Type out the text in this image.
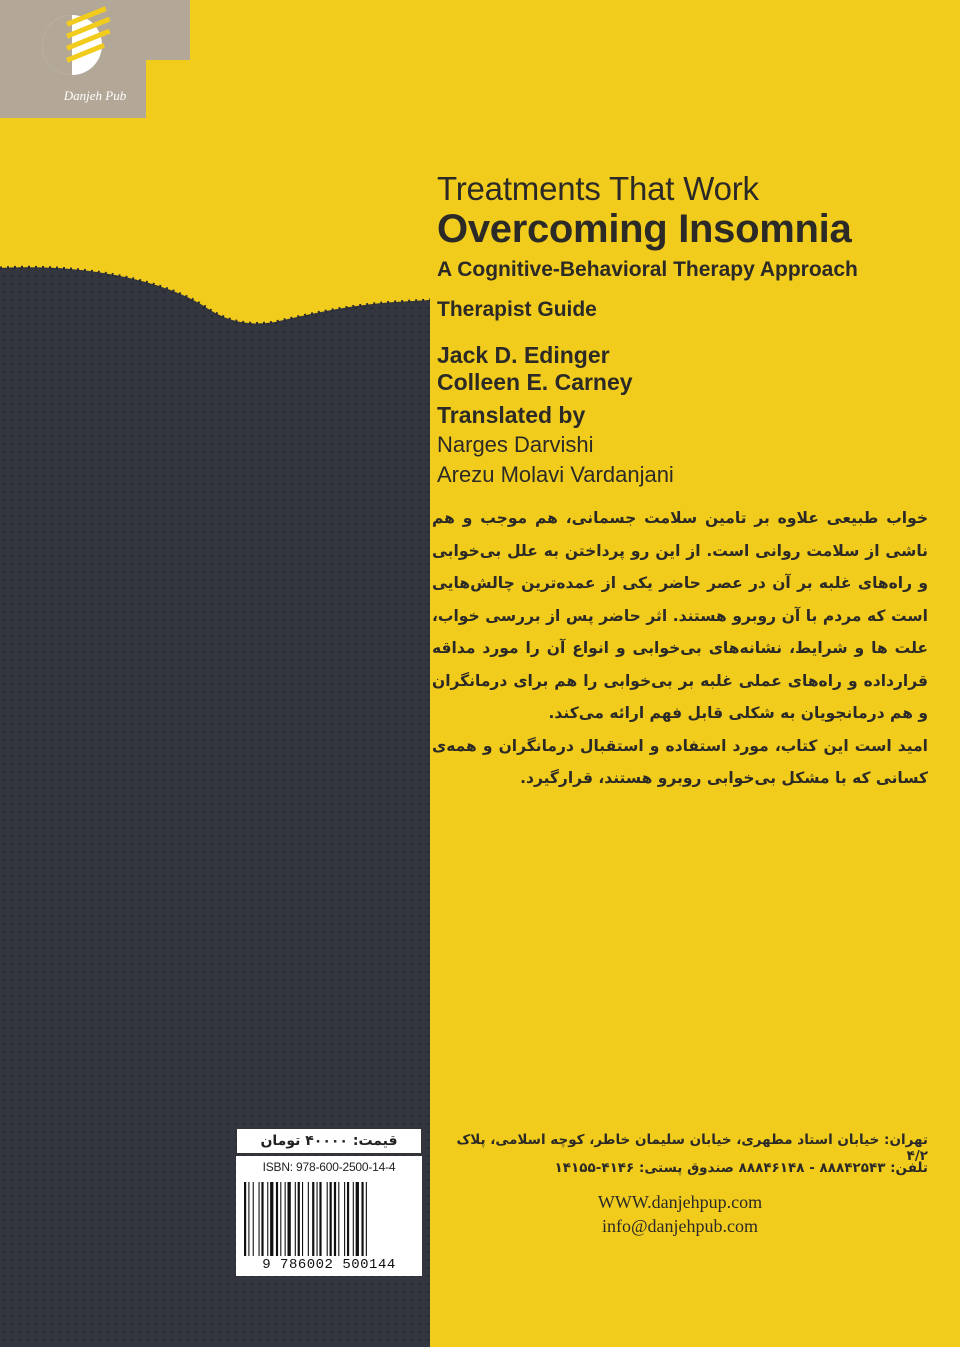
Danjeh Pub
Treatments That Work
Overcoming Insomnia
A Cognitive-Behavioral Therapy Approach
Therapist Guide
Jack D. Edinger
Colleen E. Carney
Translated by
Narges Darvishi
Arezu Molavi Vardanjani

خواب طبیعی علاوه بر تامین سلامت جسمانی، هم موجب و هم ناشی از سلامت روانی است. از این رو پرداختن به علل بی‌خوابی و راه‌های غلبه بر آن در عصر حاضر یکی از عمده‌ترین چالش‌هایی است که مردم با آن روبرو هستند. اثر حاضر پس از بررسی خواب، علت ها و شرایط، نشانه‌های بی‌خوابی و انواع آن را مورد مداقه قرارداده و راه‌های عملی غلبه بر بی‌خوابی را هم برای درمانگران و هم درمانجویان به شکلی قابل فهم ارائه می‌کند.

امید است این کتاب، مورد استفاده و استقبال درمانگران و همه‌ی کسانی که با مشکل بی‌خوابی روبرو هستند، قرارگیرد.

قیمت: ۴۰۰۰۰ تومان
ISBN: 978-600-2500-14-4
9 786002 500144
تهران: خیابان استاد مطهری، خیابان سلیمان خاطر، کوچه اسلامی، پلاک ۴/۲
تلفن: ۸۸۸۴۲۵۴۳ - ۸۸۸۴۶۱۴۸ صندوق پستی: ۴۱۴۶-۱۴۱۵۵
WWW.danjehpup.com
info@danjehpub.com
